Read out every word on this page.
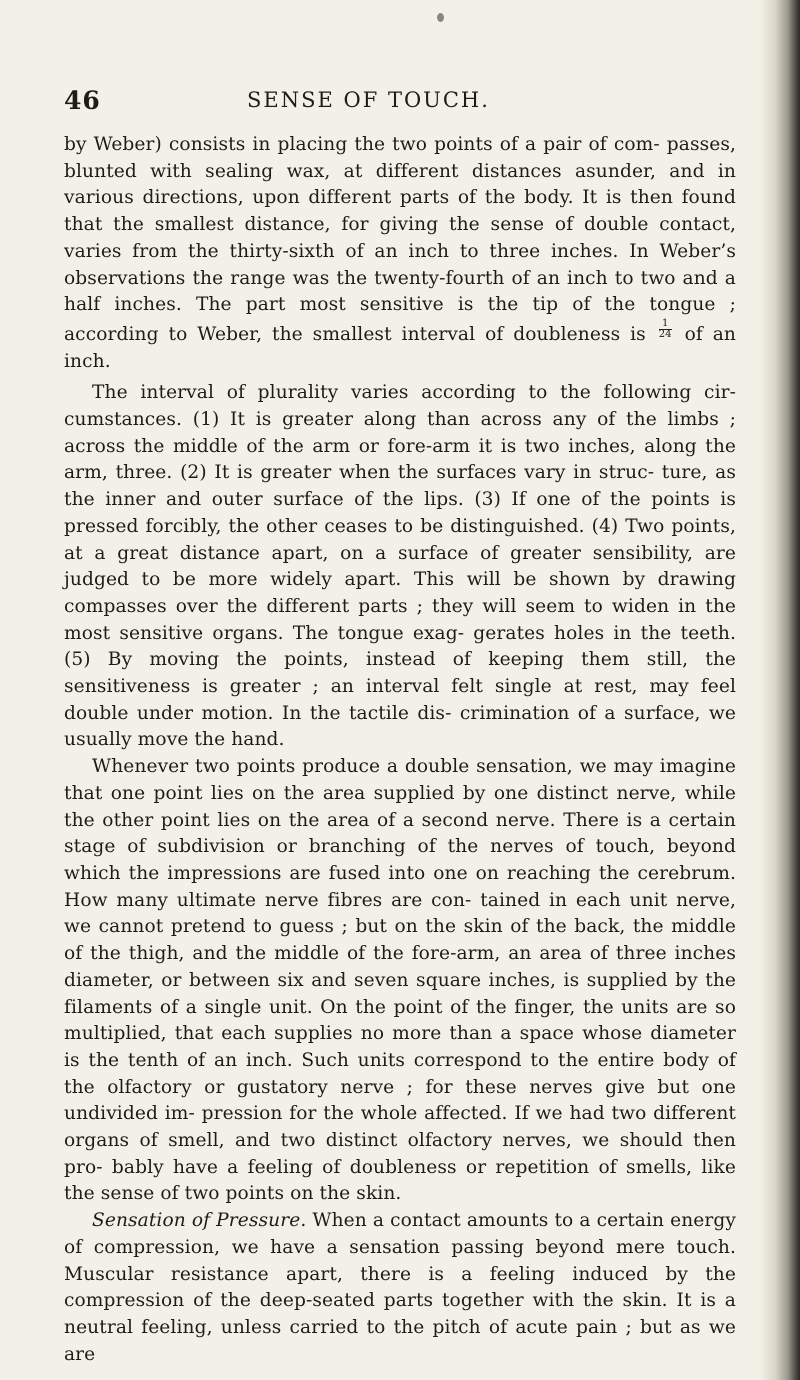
46	SENSE OF TOUCH.

by Weber) consists in placing the two points of a pair of com- passes, blunted with sealing wax, at different distances asunder, and in various directions, upon different parts of the body. It is then found that the smallest distance, for giving the sense of double contact, varies from the thirty-sixth of an inch to three inches. In Weber’s observations the range was the twenty-fourth of an inch to two and a half inches. The part most sensitive is the tip of the tongue ; according to Weber, the smallest interval of doubleness is $\frac{1}{24}$ of an inch.

The interval of plurality varies according to the following cir- cumstances. (1) It is greater along than across any of the limbs ; across the middle of the arm or fore-arm it is two inches, along the arm, three. (2) It is greater when the surfaces vary in struc- ture, as the inner and outer surface of the lips. (3) If one of the points is pressed forcibly, the other ceases to be distinguished. (4) Two points, at a great distance apart, on a surface of greater sensibility, are judged to be more widely apart. This will be shown by drawing compasses over the different parts ; they will seem to widen in the most sensitive organs. The tongue exag- gerates holes in the teeth. (5) By moving the points, instead of keeping them still, the sensitiveness is greater ; an interval felt single at rest, may feel double under motion. In the tactile dis- crimination of a surface, we usually move the hand.

Whenever two points produce a double sensation, we may imagine that one point lies on the area supplied by one distinct nerve, while the other point lies on the area of a second nerve. There is a certain stage of subdivision or branching of the nerves of touch, beyond which the impressions are fused into one on reaching the cerebrum. How many ultimate nerve fibres are con- tained in each unit nerve, we cannot pretend to guess ; but on the skin of the back, the middle of the thigh, and the middle of the fore-arm, an area of three inches diameter, or between six and seven square inches, is supplied by the filaments of a single unit. On the point of the finger, the units are so multiplied, that each supplies no more than a space whose diameter is the tenth of an inch. Such units correspond to the entire body of the olfactory or gustatory nerve ; for these nerves give but one undivided im- pression for the whole affected. If we had two different organs of smell, and two distinct olfactory nerves, we should then pro- bably have a feeling of doubleness or repetition of smells, like the sense of two points on the skin.

Sensation of Pressure. When a contact amounts to a certain energy of compression, we have a sensation passing beyond mere touch. Muscular resistance apart, there is a feeling induced by the compression of the deep-seated parts together with the skin. It is a neutral feeling, unless carried to the pitch of acute pain ; but as we are
